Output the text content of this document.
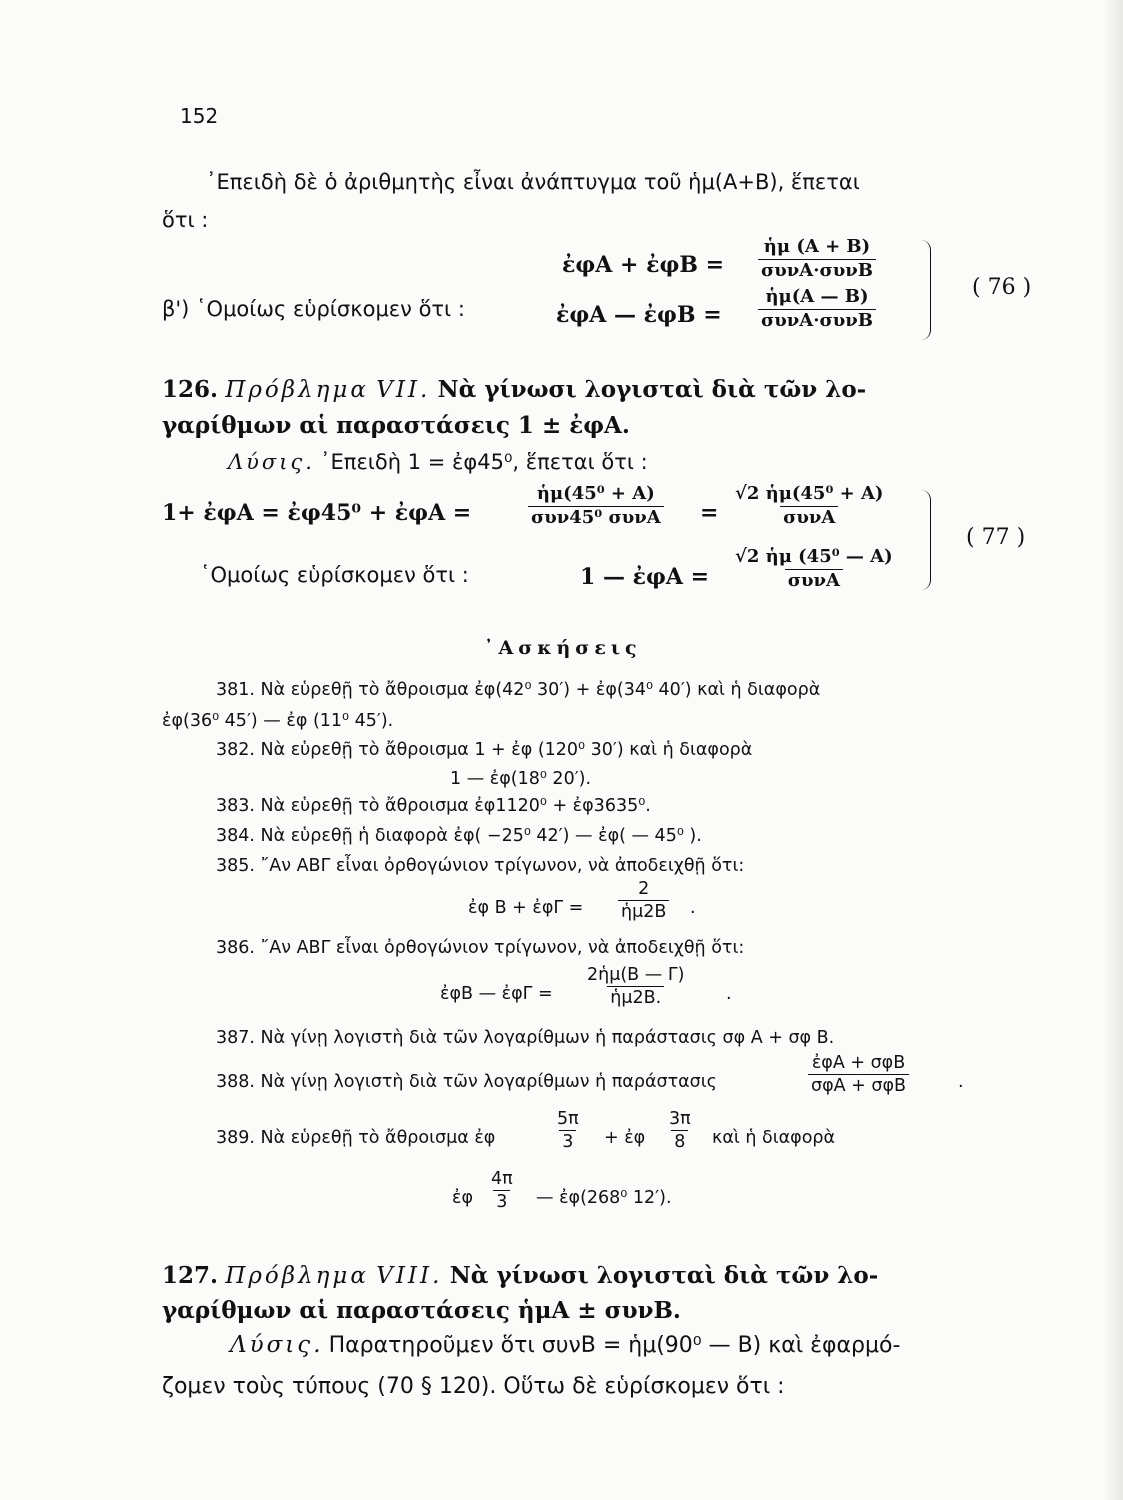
152
᾿Επειδὴ δὲ ὁ ἀριθμητὴς εἶναι ἀνάπτυγμα τοῦ ἡμ(Α+Β), ἕπεται
ὅτι :
ἐφΑ + ἐφΒ =
ἡμ (Α + Β)
συνΑ·συνΒ
β') ῾Ομοίως εὑρίσκομεν ὅτι :	ἐφΑ — ἐφΒ =
ἡμ(Α — Β)
συνΑ·συνΒ
( 76 )
126. Πρόβλημα VΙΙ. Νὰ γίνωσι λογισταὶ διὰ τῶν λο-
γαρίθμων αἱ παραστάσεις 1 ± ἐφΑ.
Λύσις. ᾿Επειδὴ 1 = ἐφ45⁰, ἕπεται ὅτι :
1+ ἐφΑ = ἐφ45⁰ + ἐφΑ =
ἡμ(45⁰ + Α)
συν45⁰ συνΑ =
√2 ἡμ(45⁰ + Α)
συνΑ
῾Ομοίως εὑρίσκομεν ὅτι :	1 — ἐφΑ =
√2 ἡμ (45⁰ — Α)
συνΑ
( 77 )
᾿Ασκήσεις
381. Νὰ εὑρεθῇ τὸ ἄθροισμα ἐφ(42⁰ 30′) + ἐφ(34⁰ 40′) καὶ ἡ διαφορὰ
ἐφ(36⁰ 45′) — ἐφ (11⁰ 45′).
382. Νὰ εὑρεθῇ τὸ ἄθροισμα 1 + ἐφ (120⁰ 30′) καὶ ἡ διαφορὰ
1 — ἐφ(18⁰ 20′).
383. Νὰ εὑρεθῇ τὸ ἄθροισμα ἐφ1120⁰ + ἐφ3635⁰.
384. Νὰ εὑρεθῇ ἡ διαφορὰ ἐφ( −25⁰ 42′) — ἐφ( — 45⁰ ).
385. ῎Αν ΑΒΓ εἶναι ὀρθογώνιον τρίγωνον, νὰ ἀποδειχθῇ ὅτι:
ἐφ Β + ἐφΓ = $\frac{2}{\text{ἡμ2Β}}$ .
386. ῎Αν ΑΒΓ εἶναι ὀρθογώνιον τρίγωνον, νὰ ἀποδειχθῇ ὅτι:
ἐφΒ — ἐφΓ = $\frac{\text{2ἡμ(Β — Γ)}}{\text{ἡμ2Β.}}$ .
387. Νὰ γίνῃ λογιστὴ διὰ τῶν λογαρίθμων ἡ παράστασις σφ Α + σφ Β.
388. Νὰ γίνῃ λογιστὴ διὰ τῶν λογαρίθμων ἡ παράστασις
ἐφΑ + σφΒ
σφΑ + σφΒ	.
389. Νὰ εὑρεθῇ τὸ ἄθροισμα ἐφ	$\frac{5\pi}{3}$ + ἐφ $\frac{3\pi}{8}$ καὶ ἡ διαφορὰ
ἐφ $\frac{4\pi}{3}$ — ἐφ(268⁰ 12′).
127. Πρόβλημα VΙΙΙ. Νὰ γίνωσι λογισταὶ διὰ τῶν λο-
γαρίθμων αἱ παραστάσεις ἡμΑ ± συνΒ.
Λύσις. Παρατηροῦμεν ὅτι συνΒ = ἡμ(90⁰ — Β) καὶ ἐφαρμό-
ζομεν τοὺς τύπους (70 § 120). Οὕτω δὲ εὑρίσκομεν ὅτι :
